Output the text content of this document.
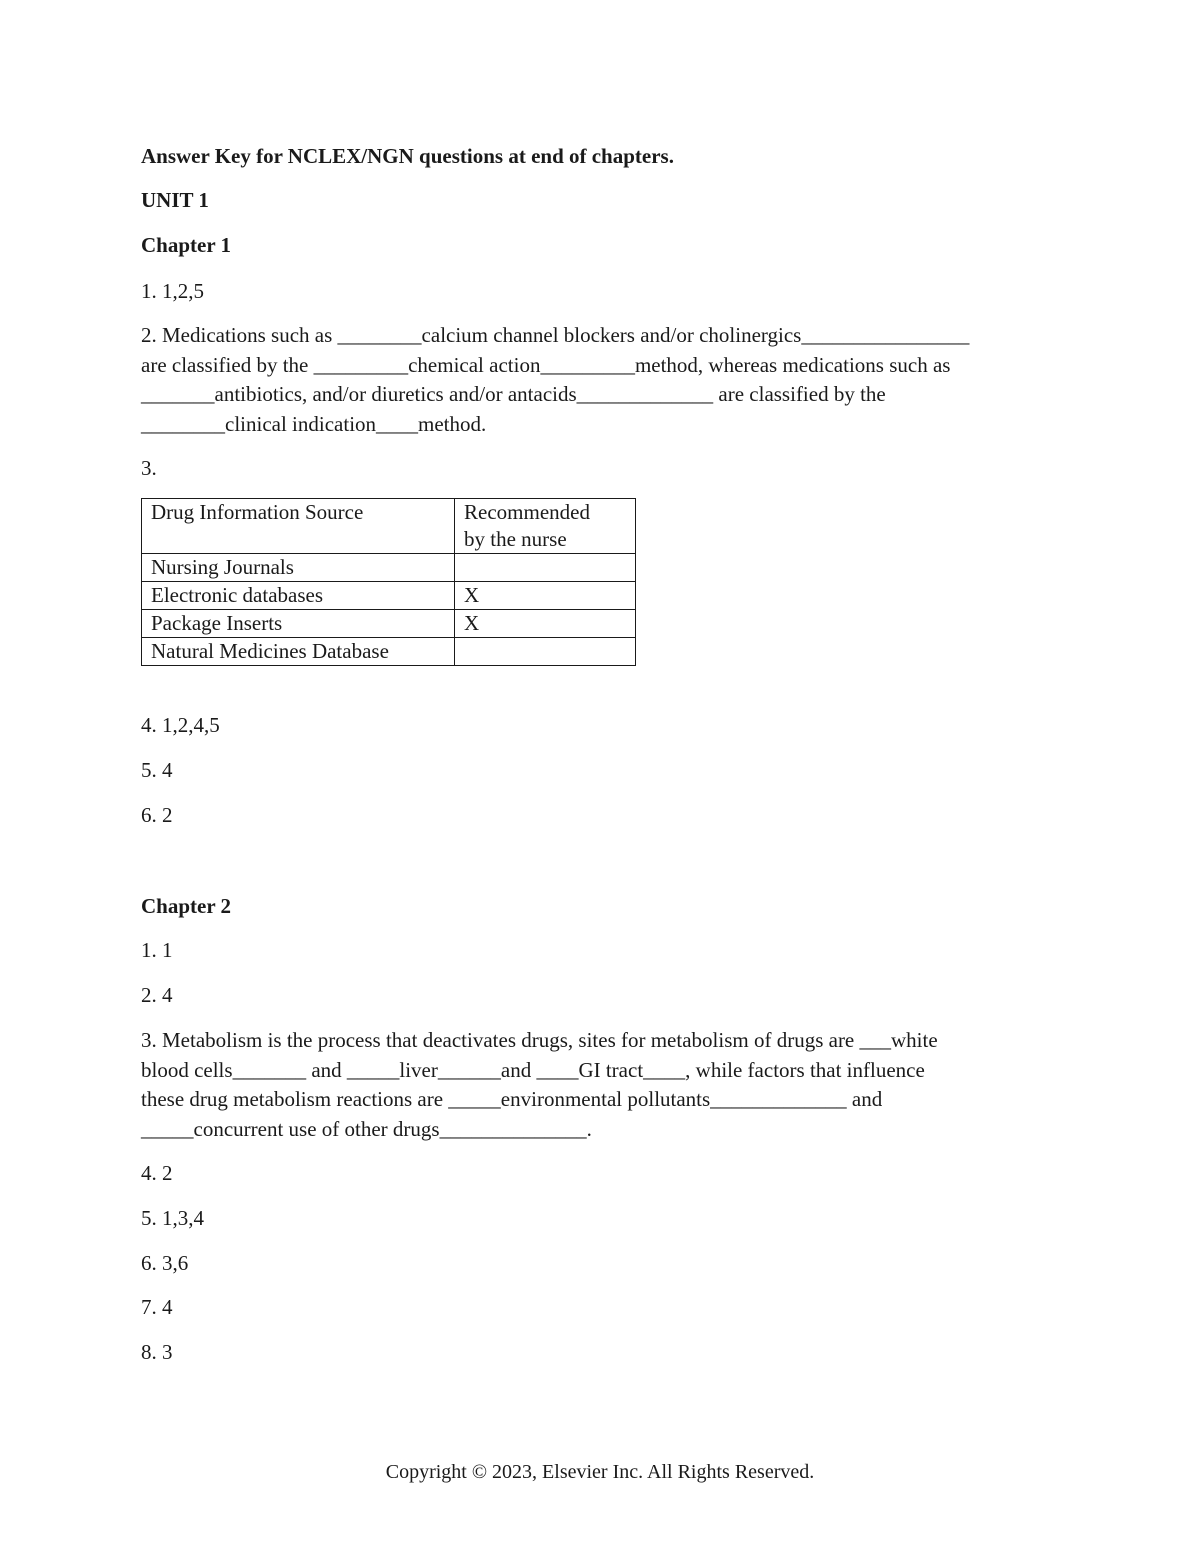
Answer Key for NCLEX/NGN questions at end of chapters.
UNIT 1
Chapter 1
1. 1,2,5
2. Medications such as ________calcium channel blockers and/or cholinergics________________
are classified by the _________chemical action_________method, whereas medications such as
_______antibiotics, and/or diuretics and/or antacids_____________ are classified by the
________clinical indication____method.
3.
Drug Information Source	Recommended
by the nurse

Nursing Journals	
Electronic databases	X
Package Inserts	X
Natural Medicines Database	
4. 1,2,4,5
5. 4
6. 2
Chapter 2
1. 1
2. 4
3. Metabolism is the process that deactivates drugs, sites for metabolism of drugs are ___white
blood cells_______ and _____liver______and ____GI tract____, while factors that influence
these drug metabolism reactions are _____environmental pollutants_____________ and
_____concurrent use of other drugs______________.
4. 2
5. 1,3,4
6. 3,6
7. 4
8. 3
Copyright © 2023, Elsevier Inc. All Rights Reserved.
